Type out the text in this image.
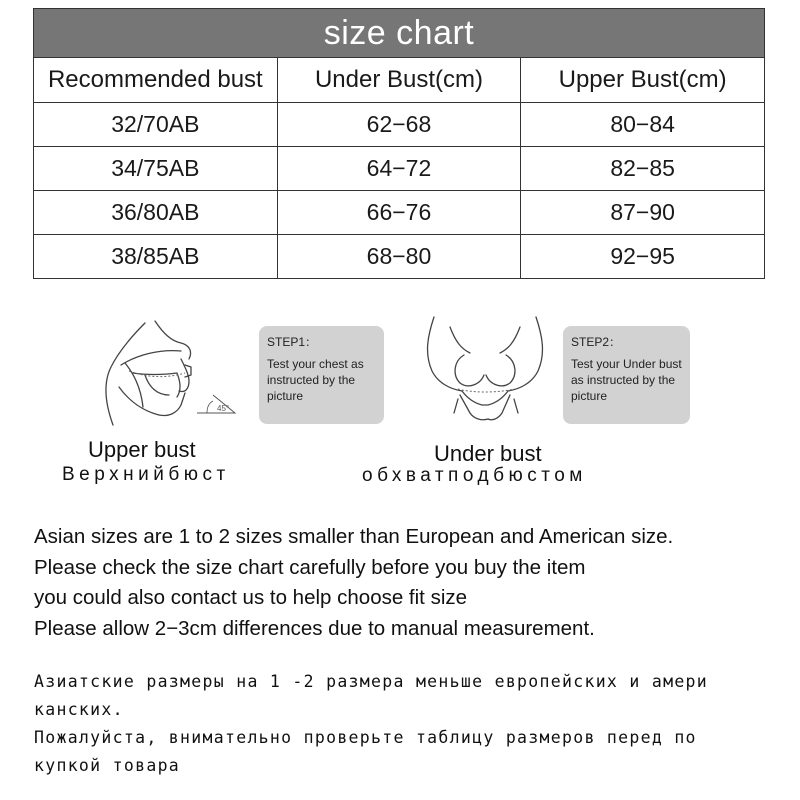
size chart		
Recommended bust	Under Bust(cm)	Upper Bust(cm)
32/70AB	62−68	80−84
34/75AB	64−72	82−85
36/80AB	66−76	87−90
38/85AB	68−80	92−95
45°
STEP1：
Test your chest as instructed by the picture
Upper bust
Верхнийбюст
STEP2：
Test your Under bust as instructed by the picture
Under bust
обхватподбюстом

Asian sizes are 1 to 2 sizes smaller than European and American size.

Please check the size chart carefully before you buy the item

you could also contact us to help choose fit size

Please allow 2−3cm differences due to manual measurement.

Азиатские размеры на 1 -2 размера меньше европейских и амери канских.

Пожалуйста, внимательно проверьте таблицу размеров перед по купкой товара
